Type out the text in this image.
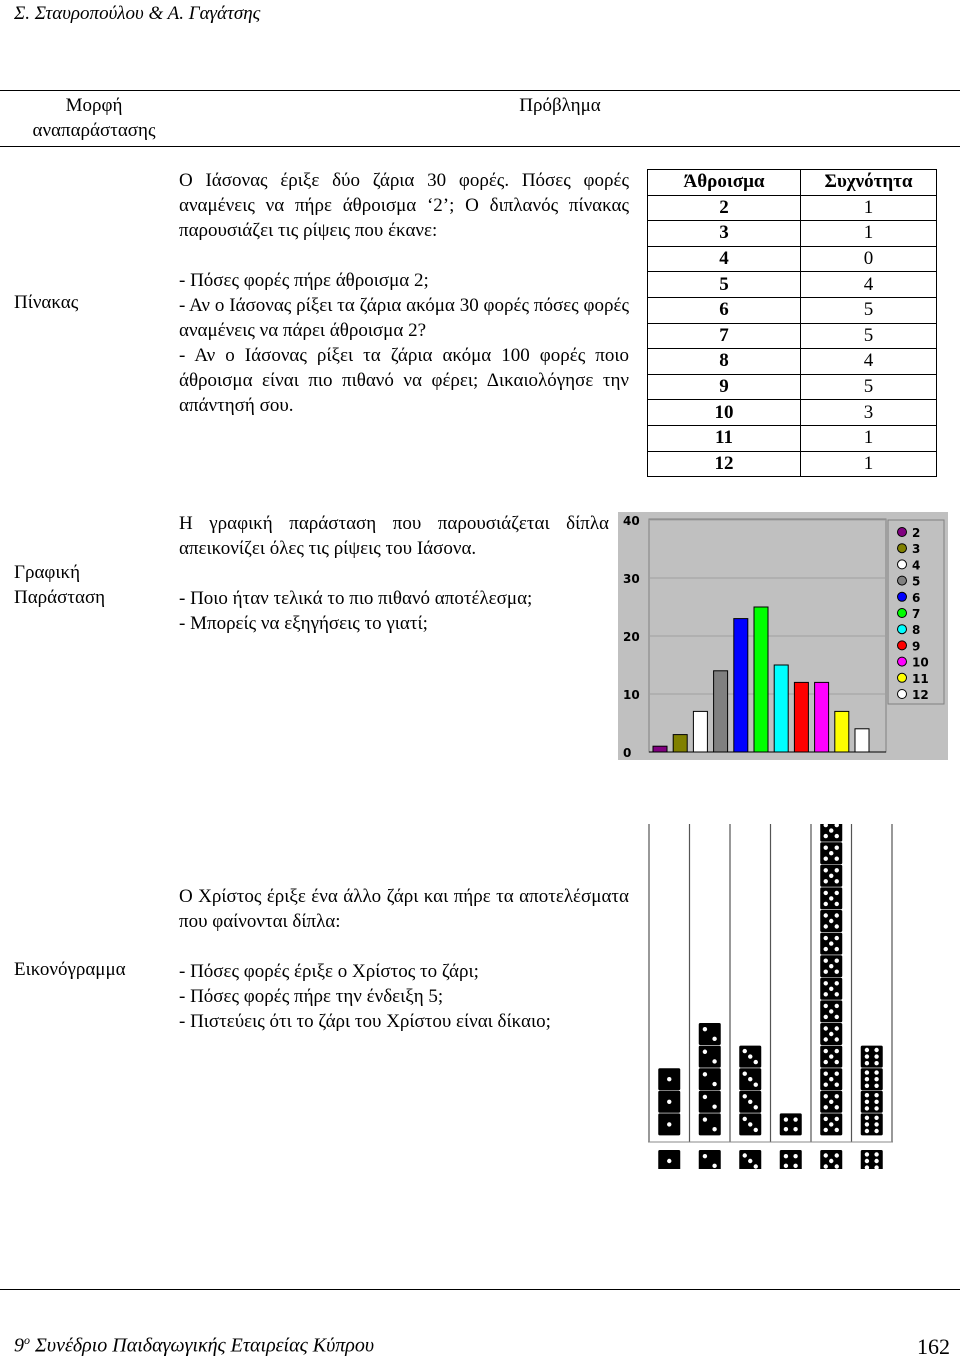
Σ. Σταυροπούλου & Α. Γαγάτσης
Μορφή
αναπαράστασης
Πρόβλημα
Πίνακας

Ο Ιάσονας έριξε δύο ζάρια 30 φορές. Πόσες φορές αναμένεις να πήρε άθροισμα ‘2’; Ο διπλανός πίνακας παρουσιάζει τις ρίψεις που έκανε:

- Πόσες φορές πήρε άθροισμα 2;

- Αν ο Ιάσονας ρίξει τα ζάρια ακόμα 30 φορές πόσες φορές αναμένεις να πάρει άθροισμα 2?

- Αν ο Ιάσονας ρίξει τα ζάρια ακόμα 100 φορές ποιο άθροισμα είναι πιο πιθανό να φέρει; Δικαιολόγησε την απάντησή σου.

Άθροισμα	Συχνότητα
2	1
3	1
4	0
5	4
6	5
7	5
8	4
9	5
10	3
11	1
12	1
Γραφική
Παράσταση

Η γραφική παράσταση που παρουσιάζεται δίπλα απεικονίζει όλες τις ρίψεις του Ιάσονα.

- Ποιο ήταν τελικά το πιο πιθανό αποτέλεσμα;

- Μπορείς να εξηγήσεις το γιατί;

0
10
20
30
40
2
3
4
5
6
7
8
9
10
11
12
Εικονόγραμμα

Ο Χρίστος έριξε ένα άλλο ζάρι και πήρε τα αποτελέσματα που φαίνονται δίπλα:

- Πόσες φορές έριξε ο Χρίστος το ζάρι;

- Πόσες φορές πήρε την ένδειξη 5;

- Πιστεύεις ότι το ζάρι του Χρίστου είναι δίκαιο;

$9^o$ Συνέδριο Παιδαγωγικής Εταιρείας Κύπρου	162
